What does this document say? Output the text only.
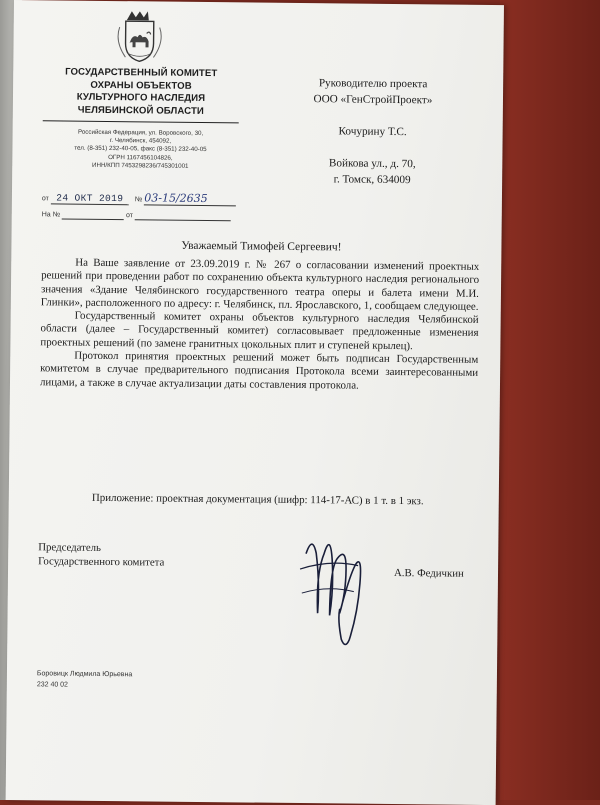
ГОСУДАРСТВЕННЫЙ КОМИТЕТ
ОХРАНЫ ОБЪЕКТОВ
КУЛЬТУРНОГО НАСЛЕДИЯ
ЧЕЛЯБИНСКОЙ ОБЛАСТИ
Российская Федерация, ул. Воровского, 30,
г. Челябинск, 454092,
тел. (8-351) 232-40-05, факс (8-351) 232-40-05
ОГРН 1167456104826,
ИНН/КПП 7453298236/745301001
от 24 ОКТ 2019 № 03-15/2635
На №	от
Руководителю проекта
ООО «ГенСтройПроект»
Кочурину Т.С.
Войкова ул., д. 70,
г. Томск, 634009
Уважаемый Тимофей Сергеевич!

На Ваше заявление от 23.09.2019 г. № 267 о согласовании изменений проектных решений при проведении работ по сохранению объекта культурного наследия регионального значения «Здание Челябинского государственного театра оперы и балета имени М.И. Глинки», расположенного по адресу: г. Челябинск, пл. Ярославского, 1, сообщаем следующее.

Государственный комитет охраны объектов культурного наследия Челябинской области (далее – Государственный комитет) согласовывает предложенные изменения проектных решений (по замене гранитных цокольных плит и ступеней крылец).

Протокол принятия проектных решений может быть подписан Государственным комитетом в случае предварительного подписания Протокола всеми заинтересованными лицами, а также в случае актуализации даты составления протокола.

Приложение: проектная документация (шифр: 114-17-АС) в 1 т. в 1 экз.
Председатель
Государственного комитета
А.В. Федичкин
Боровицк Людмила Юрьевна
232 40 02
